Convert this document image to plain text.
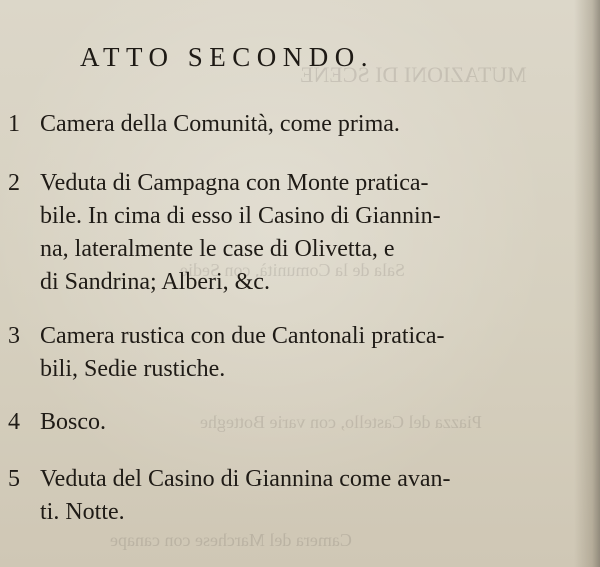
MUTAZIONI DI SCENE
Sala de la Comunità, con Sedie
Piazza del Castello, con varie Botteghe
Camera del Marchese con canape
ATTO SECONDO.
1 Camera della Comunità, come prima.
2 Veduta di Campagna con Monte pratica-
bile. In cima di esso il Casino di Giannin-
na, lateralmente le case di Olivetta, e
di Sandrina; Alberi, &c.
3 Camera rustica con due Cantonali pratica-
bili, Sedie rustiche.
4 Bosco.
5 Veduta del Casino di Giannina come avan-
ti. Notte.
